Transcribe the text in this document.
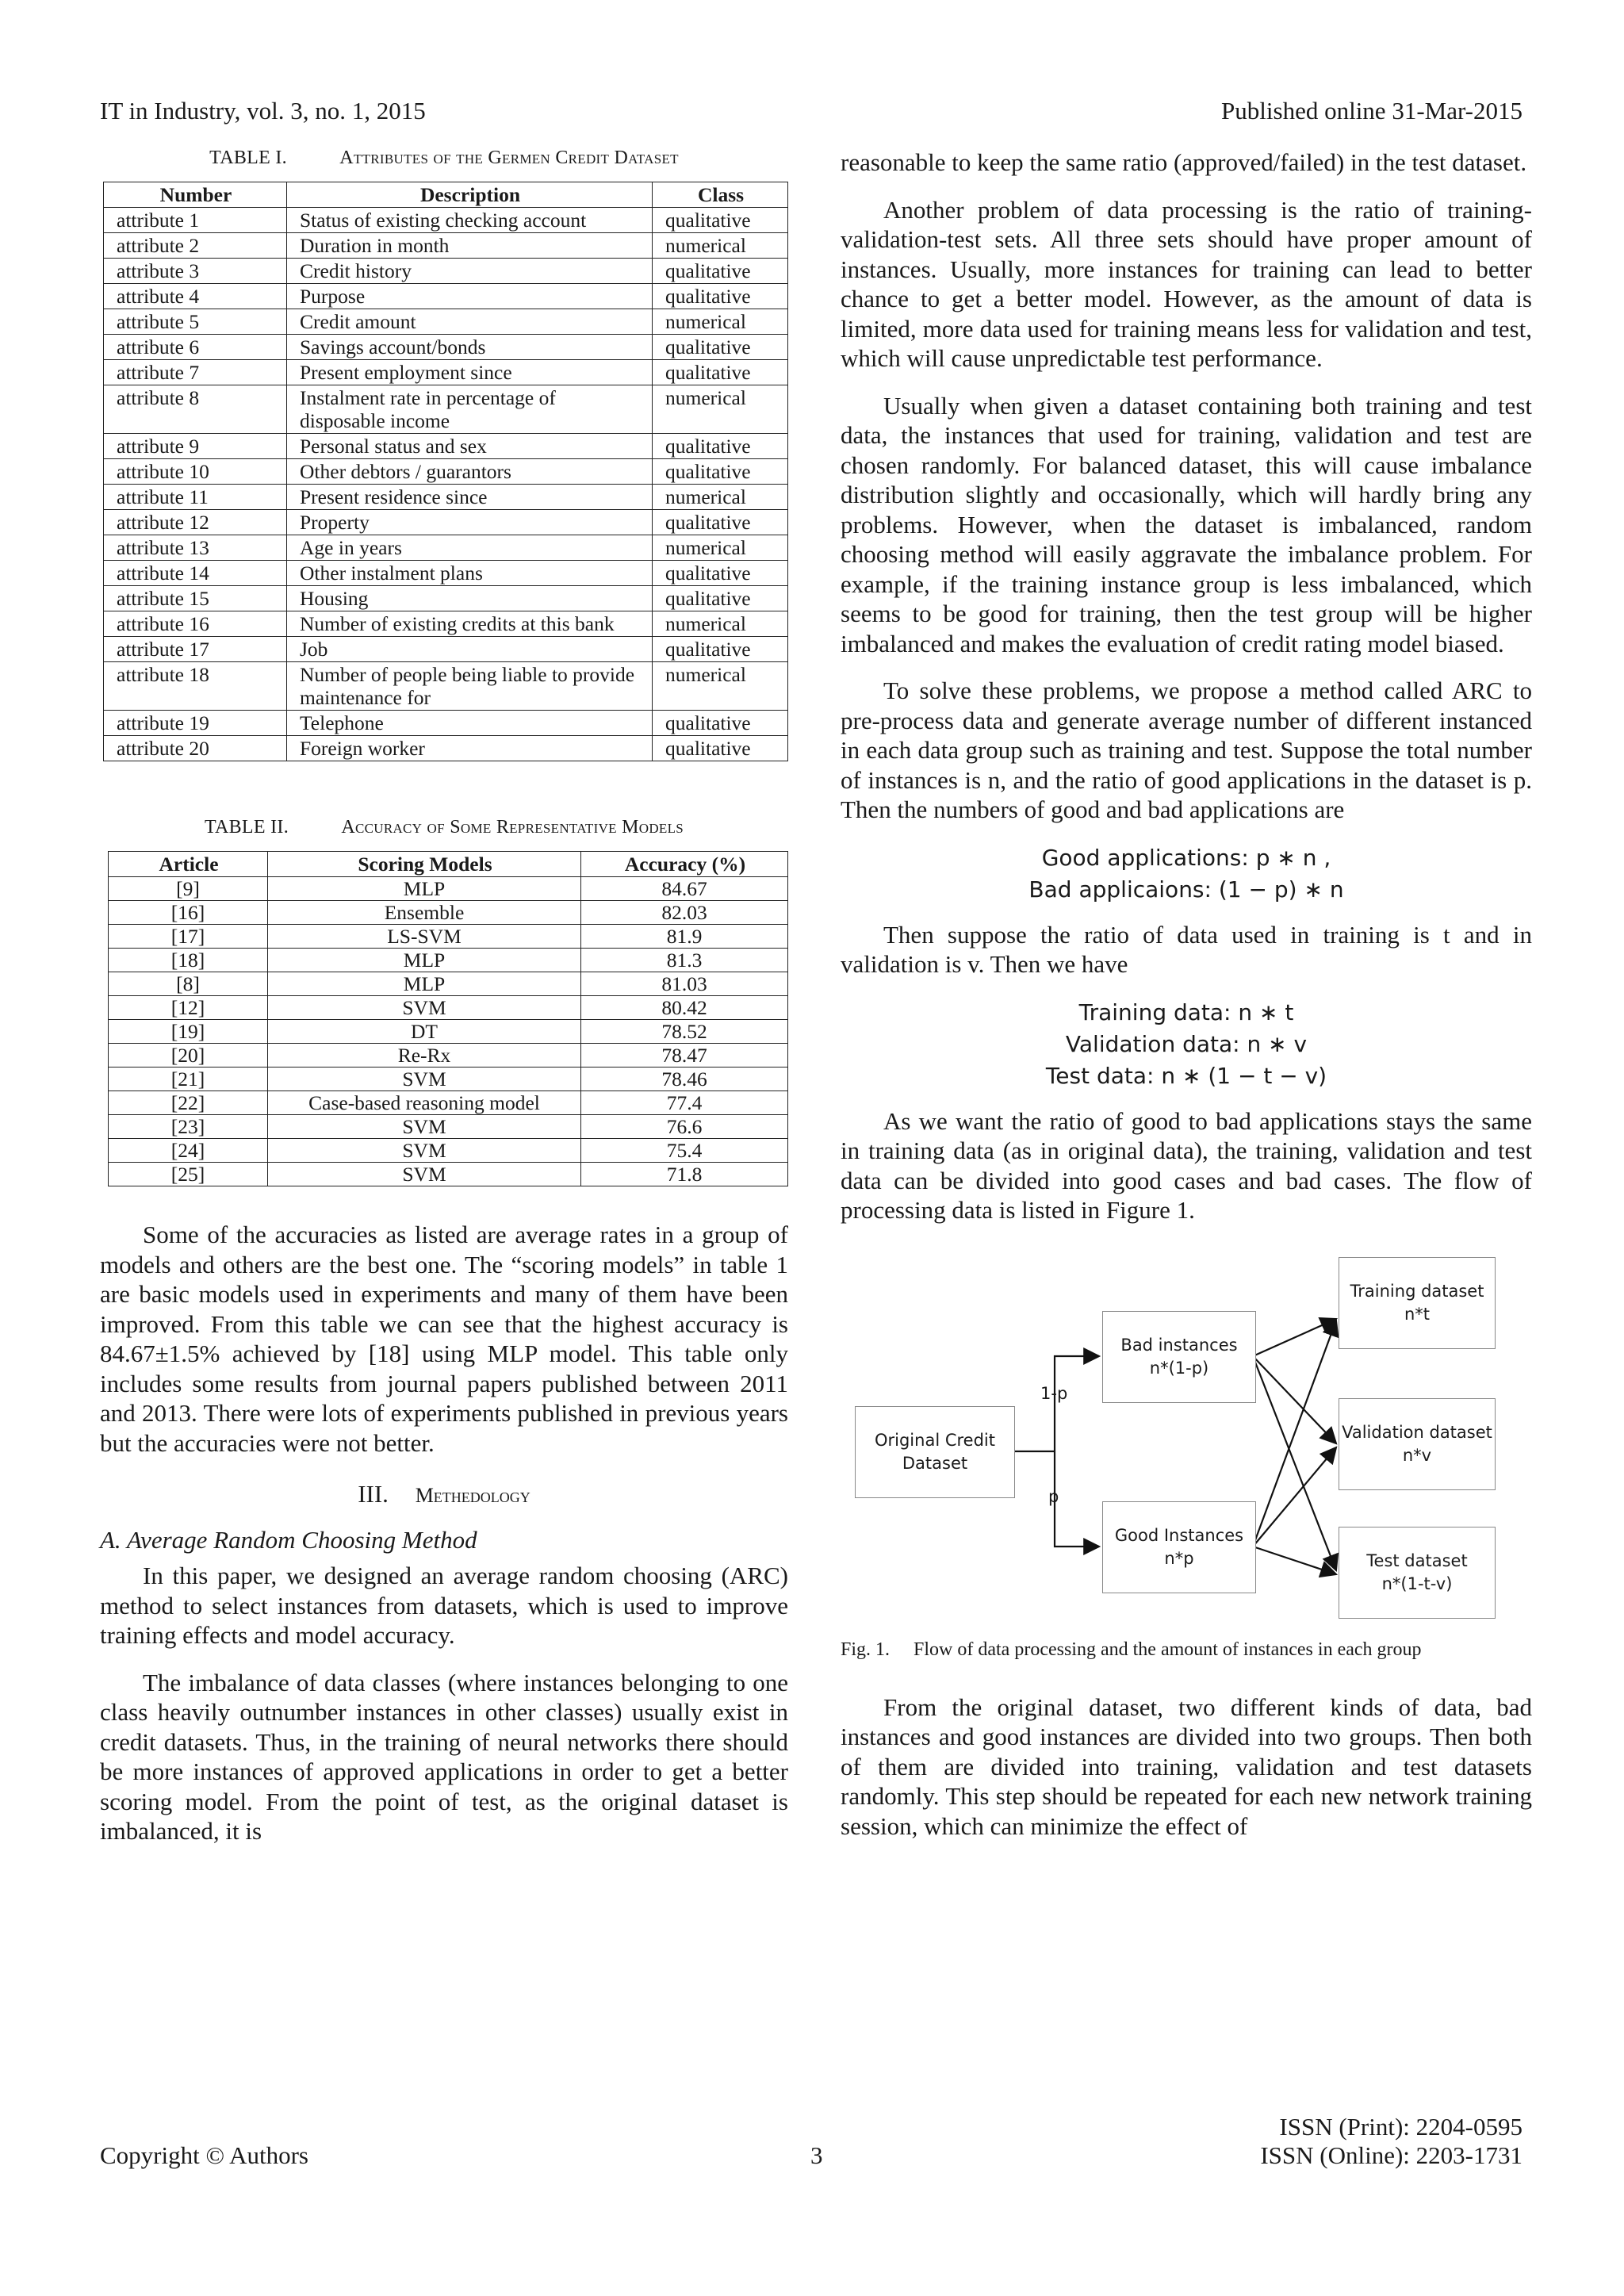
IT in Industry, vol. 3, no. 1, 2015	Published online 31-Mar-2015
TABLE I.	Attributes of the Germen Credit Dataset
Number	Description	Class
attribute 1	Status of existing checking account	qualitative
attribute 2	Duration in month	numerical
attribute 3	Credit history	qualitative
attribute 4	Purpose	qualitative
attribute 5	Credit amount	numerical
attribute 6	Savings account/bonds	qualitative
attribute 7	Present employment since	qualitative
attribute 8	Instalment rate in percentage of disposable income	numerical
attribute 9	Personal status and sex	qualitative
attribute 10	Other debtors / guarantors	qualitative
attribute 11	Present residence since	numerical
attribute 12	Property	qualitative
attribute 13	Age in years	numerical
attribute 14	Other instalment plans	qualitative
attribute 15	Housing	qualitative
attribute 16	Number of existing credits at this bank	numerical
attribute 17	Job	qualitative
attribute 18	Number of people being liable to provide maintenance for	numerical
attribute 19	Telephone	qualitative
attribute 20	Foreign worker	qualitative
TABLE II.	Accuracy of Some Representative Models
Article	Scoring Models	Accuracy (%)
[9]	MLP	84.67
[16]	Ensemble	82.03
[17]	LS-SVM	81.9
[18]	MLP	81.3
[8]	MLP	81.03
[12]	SVM	80.42
[19]	DT	78.52
[20]	Re-Rx	78.47
[21]	SVM	78.46
[22]	Case-based reasoning model	77.4
[23]	SVM	76.6
[24]	SVM	75.4
[25]	SVM	71.8

Some of the accuracies as listed are average rates in a group of models and others are the best one. The “scoring models” in table 1 are basic models used in experiments and many of them have been improved. From this table we can see that the highest accuracy is 84.67±1.5% achieved by [18] using MLP model. This table only includes some results from journal papers published between 2011 and 2013. There were lots of experiments published in previous years but the accuracies were not better.

III. Methedology
A. Average Random Choosing Method

In this paper, we designed an average random choosing (ARC) method to select instances from datasets, which is used to improve training effects and model accuracy.

The imbalance of data classes (where instances belonging to one class heavily outnumber instances in other classes) usually exist in credit datasets. Thus, in the training of neural networks there should be more instances of approved applications in order to get a better scoring model. From the point of test, as the original dataset is imbalanced, it is

reasonable to keep the same ratio (approved/failed) in the test dataset.

Another problem of data processing is the ratio of training-validation-test sets. All three sets should have proper amount of instances. Usually, more instances for training can lead to better chance to get a better model. However, as the amount of data is limited, more data used for training means less for validation and test, which will cause unpredictable test performance.

Usually when given a dataset containing both training and test data, the instances that used for training, validation and test are chosen randomly. For balanced dataset, this will cause imbalance distribution slightly and occasionally, which will hardly bring any problems. However, when the dataset is imbalanced, random choosing method will easily aggravate the imbalance problem. For example, if the training instance group is less imbalanced, which seems to be good for training, then the test group will be higher imbalanced and makes the evaluation of credit rating model biased.

To solve these problems, we propose a method called ARC to pre-process data and generate average number of different instanced in each data group such as training and test. Suppose the total number of instances is n, and the ratio of good applications in the dataset is p. Then the numbers of good and bad applications are

Good applications: p ∗ n ,
Bad applicaions: (1 − p) ∗ n

Then suppose the ratio of data used in training is t and in validation is v. Then we have

Training data: n ∗ t
Validation data: n ∗ v
Test data: n ∗ (1 − t − v)

As we want the ratio of good to bad applications stays the same in training data (as in original data), the training, validation and test data can be divided into good cases and bad cases. The flow of processing data is listed in Figure 1.

Original Credit
Dataset
Bad instances
n*(1-p)
Good Instances
n*p
Training dataset
n*t
Validation dataset
n*v
Test dataset
n*(1-t-v)
1-p
p
Fig. 1. Flow of data processing and the amount of instances in each group

From the original dataset, two different kinds of data, bad instances and good instances are divided into two groups. Then both of them are divided into training, validation and test datasets randomly. This step should be repeated for each new network training session, which can minimize the effect of

Copyright © Authors	3
ISSN (Print): 2204-0595
ISSN (Online): 2203-1731
